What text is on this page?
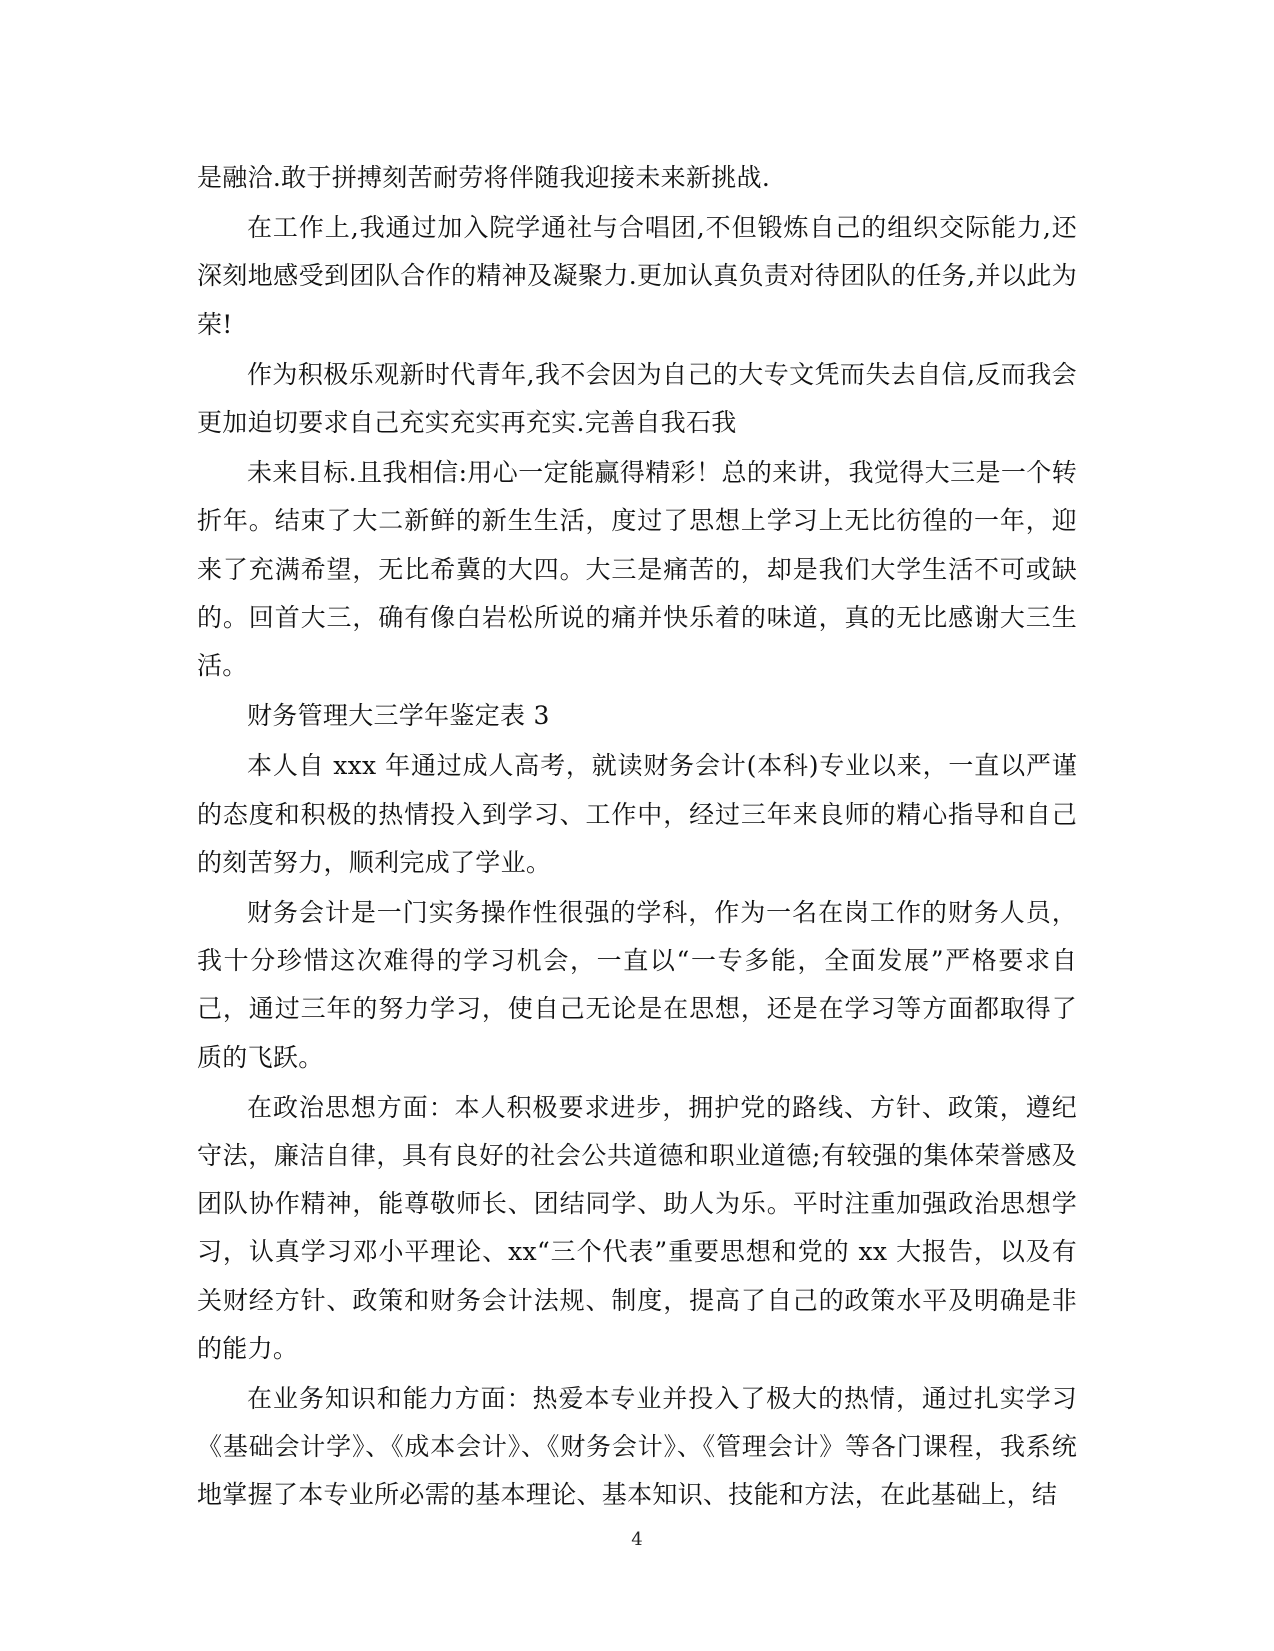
是融洽.敢于拼搏刻苦耐劳将伴随我迎接未来新挑战.

在工作上,我通过加入院学通社与合唱团,不但锻炼自己的组织交际能力,还深刻地感受到团队合作的精神及凝聚力.更加认真负责对待团队的任务,并以此为荣!

作为积极乐观新时代青年,我不会因为自己的大专文凭而失去自信,反而我会更加迫切要求自己充实充实再充实.完善自我石我

未来目标.且我相信:用心一定能赢得精彩！总的来讲，我觉得大三是一个转折年。结束了大二新鲜的新生生活，度过了思想上学习上无比彷徨的一年，迎来了充满希望，无比希冀的大四。大三是痛苦的，却是我们大学生活不可或缺的。回首大三，确有像白岩松所说的痛并快乐着的味道，真的无比感谢大三生活。

财务管理大三学年鉴定表 3

本人自 xxx 年通过成人高考，就读财务会计(本科)专业以来，一直以严谨的态度和积极的热情投入到学习、工作中，经过三年来良师的精心指导和自己的刻苦努力，顺利完成了学业。

财务会计是一门实务操作性很强的学科，作为一名在岗工作的财务人员，我十分珍惜这次难得的学习机会，一直以“一专多能，全面发展”严格要求自己，通过三年的努力学习，使自己无论是在思想，还是在学习等方面都取得了质的飞跃。

在政治思想方面：本人积极要求进步，拥护党的路线、方针、政策，遵纪守法，廉洁自律，具有良好的社会公共道德和职业道德;有较强的集体荣誉感及团队协作精神，能尊敬师长、团结同学、助人为乐。平时注重加强政治思想学习，认真学习邓小平理论、xx“三个代表”重要思想和党的 xx 大报告，以及有关财经方针、政策和财务会计法规、制度，提高了自己的政策水平及明确是非的能力。

在业务知识和能力方面：热爱本专业并投入了极大的热情，通过扎实学习《基础会计学》、《成本会计》、《财务会计》、《管理会计》等各门课程，我系统地掌握了本专业所必需的基本理论、基本知识、技能和方法，在此基础上，结

4
